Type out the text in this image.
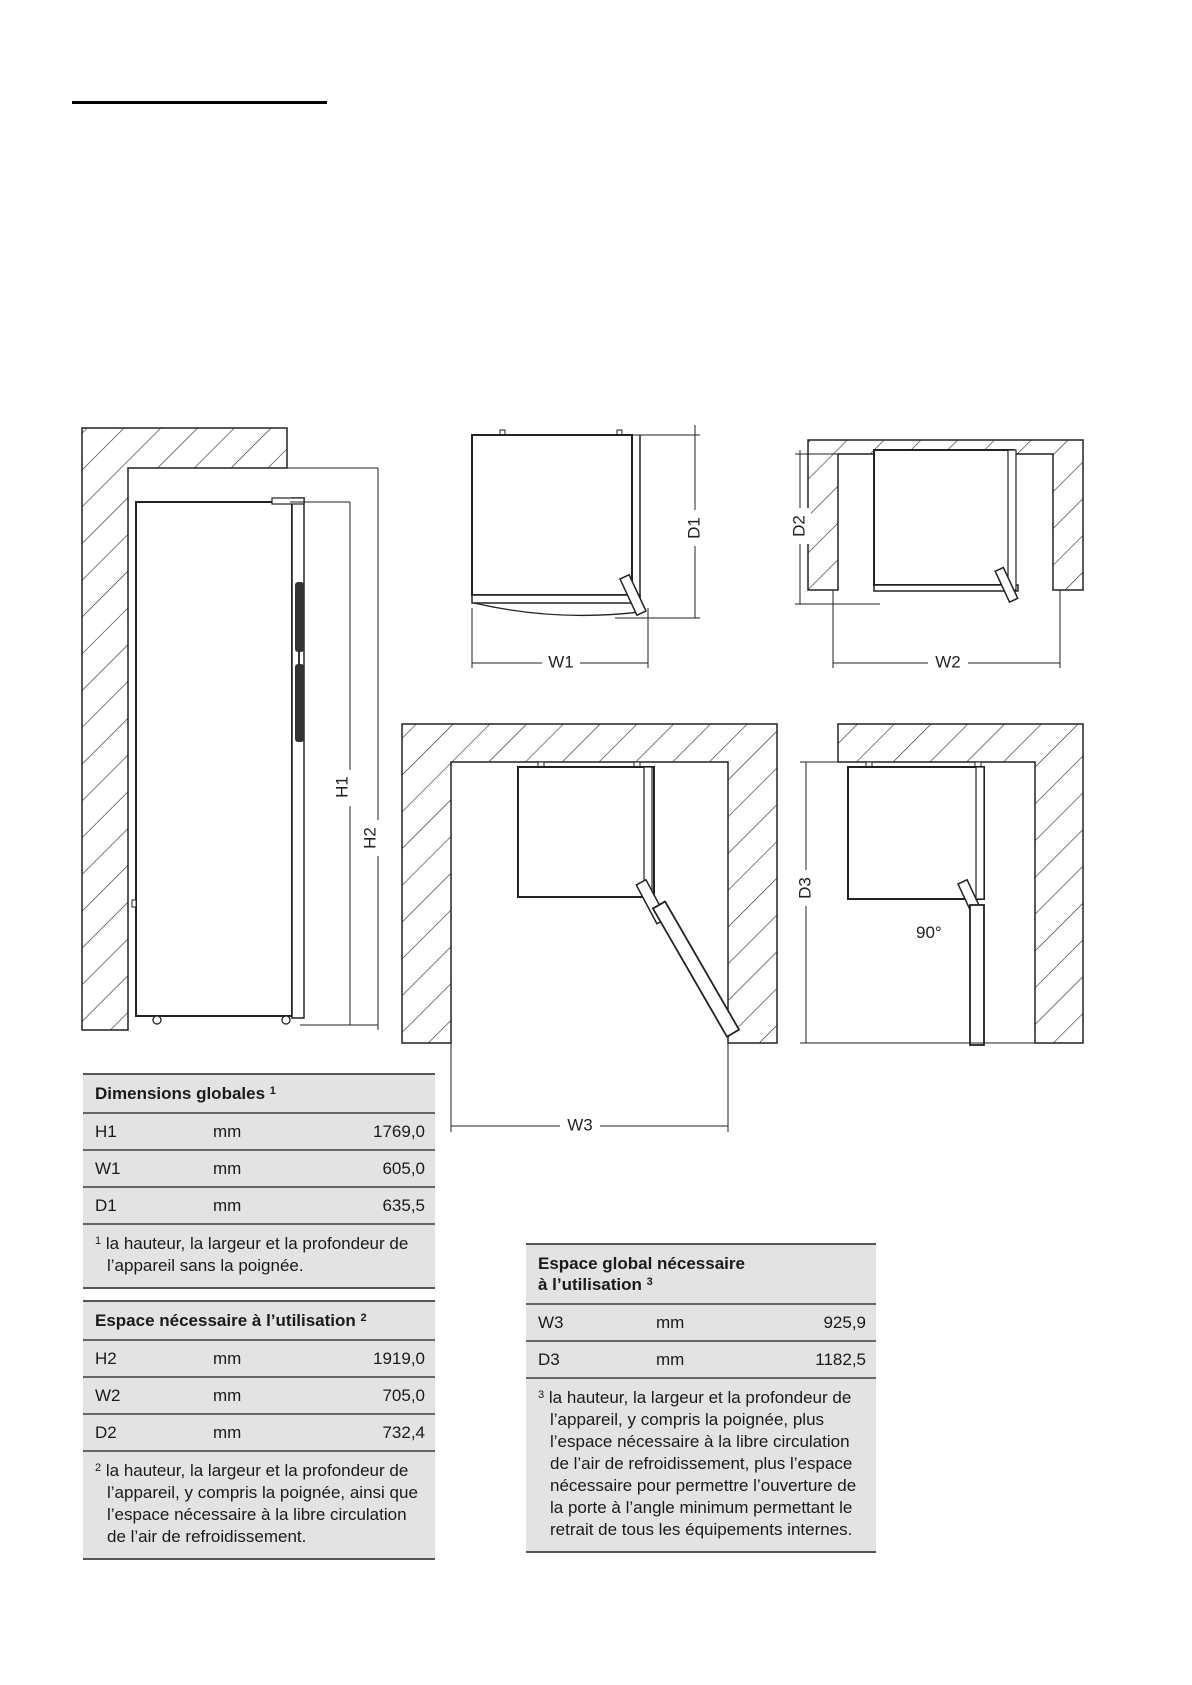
H1
H2
D1
W1
D2
W2
W3
D3
90°
Dimensions globales $^1$
H1	mm	1769,0
W1	mm	605,0
D1	mm	635,5
$^1$ la hauteur, la largeur et la profondeur de l’appareil sans la poignée.
Espace nécessaire à l’utilisation $^2$
H2	mm	1919,0
W2	mm	705,0
D2	mm	732,4
$^2$ la hauteur, la largeur et la profondeur de l’appareil, y compris la poignée, ainsi que l’espace nécessaire à la libre circulation de l’air de refroidissement.
Espace global nécessaire
à l’utilisation $^3$
W3	mm	925,9
D3	mm	1182,5
$^3$ la hauteur, la largeur et la profondeur de l’appareil, y compris la poignée, plus l’espace nécessaire à la libre circulation de l’air de refroidissement, plus l’espace nécessaire pour permettre l’ouverture de la porte à l’angle minimum permettant le retrait de tous les équipements internes.
